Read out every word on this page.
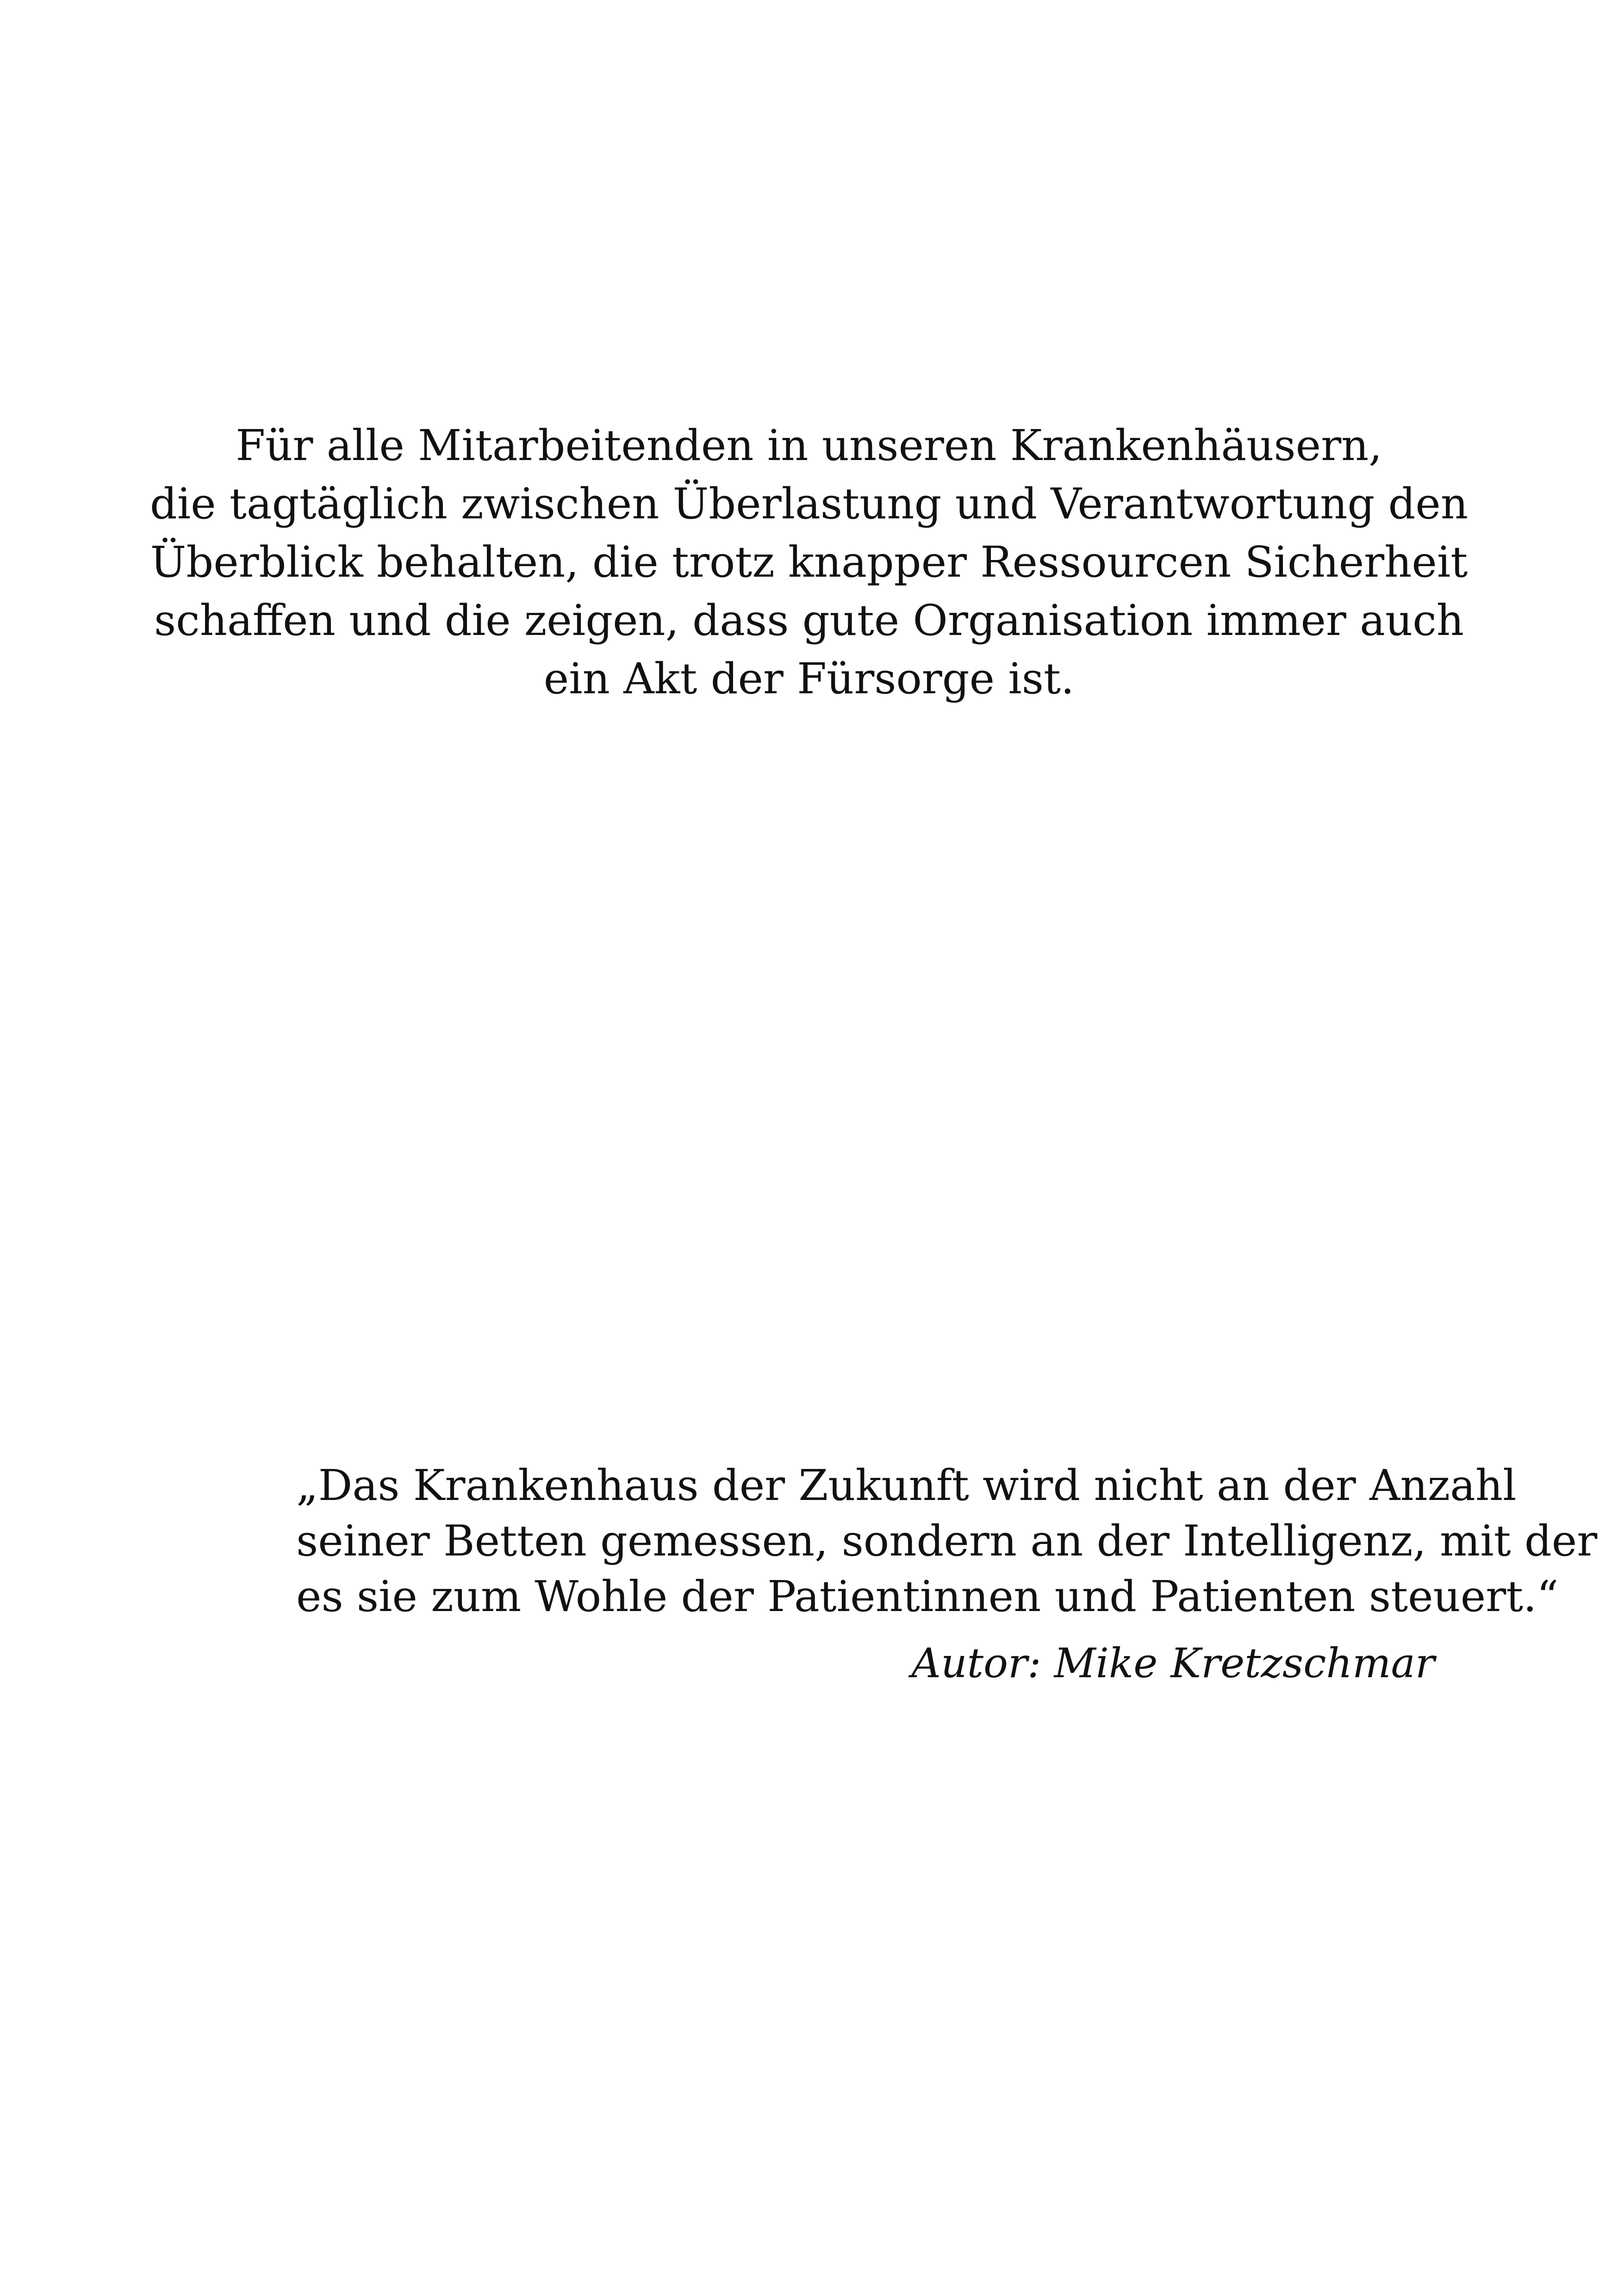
Für alle Mitarbeitenden in unseren Krankenhäusern,
die tagtäglich zwischen Überlastung und Verantwortung den
Überblick behalten, die trotz knapper Ressourcen Sicherheit
schaffen und die zeigen, dass gute Organisation immer auch
ein Akt der Fürsorge ist.
„Das Krankenhaus der Zukunft wird nicht an der Anzahl
seiner Betten gemessen, sondern an der Intelligenz, mit der
es sie zum Wohle der Patientinnen und Patienten steuert.“
Autor: Mike Kretzschmar
